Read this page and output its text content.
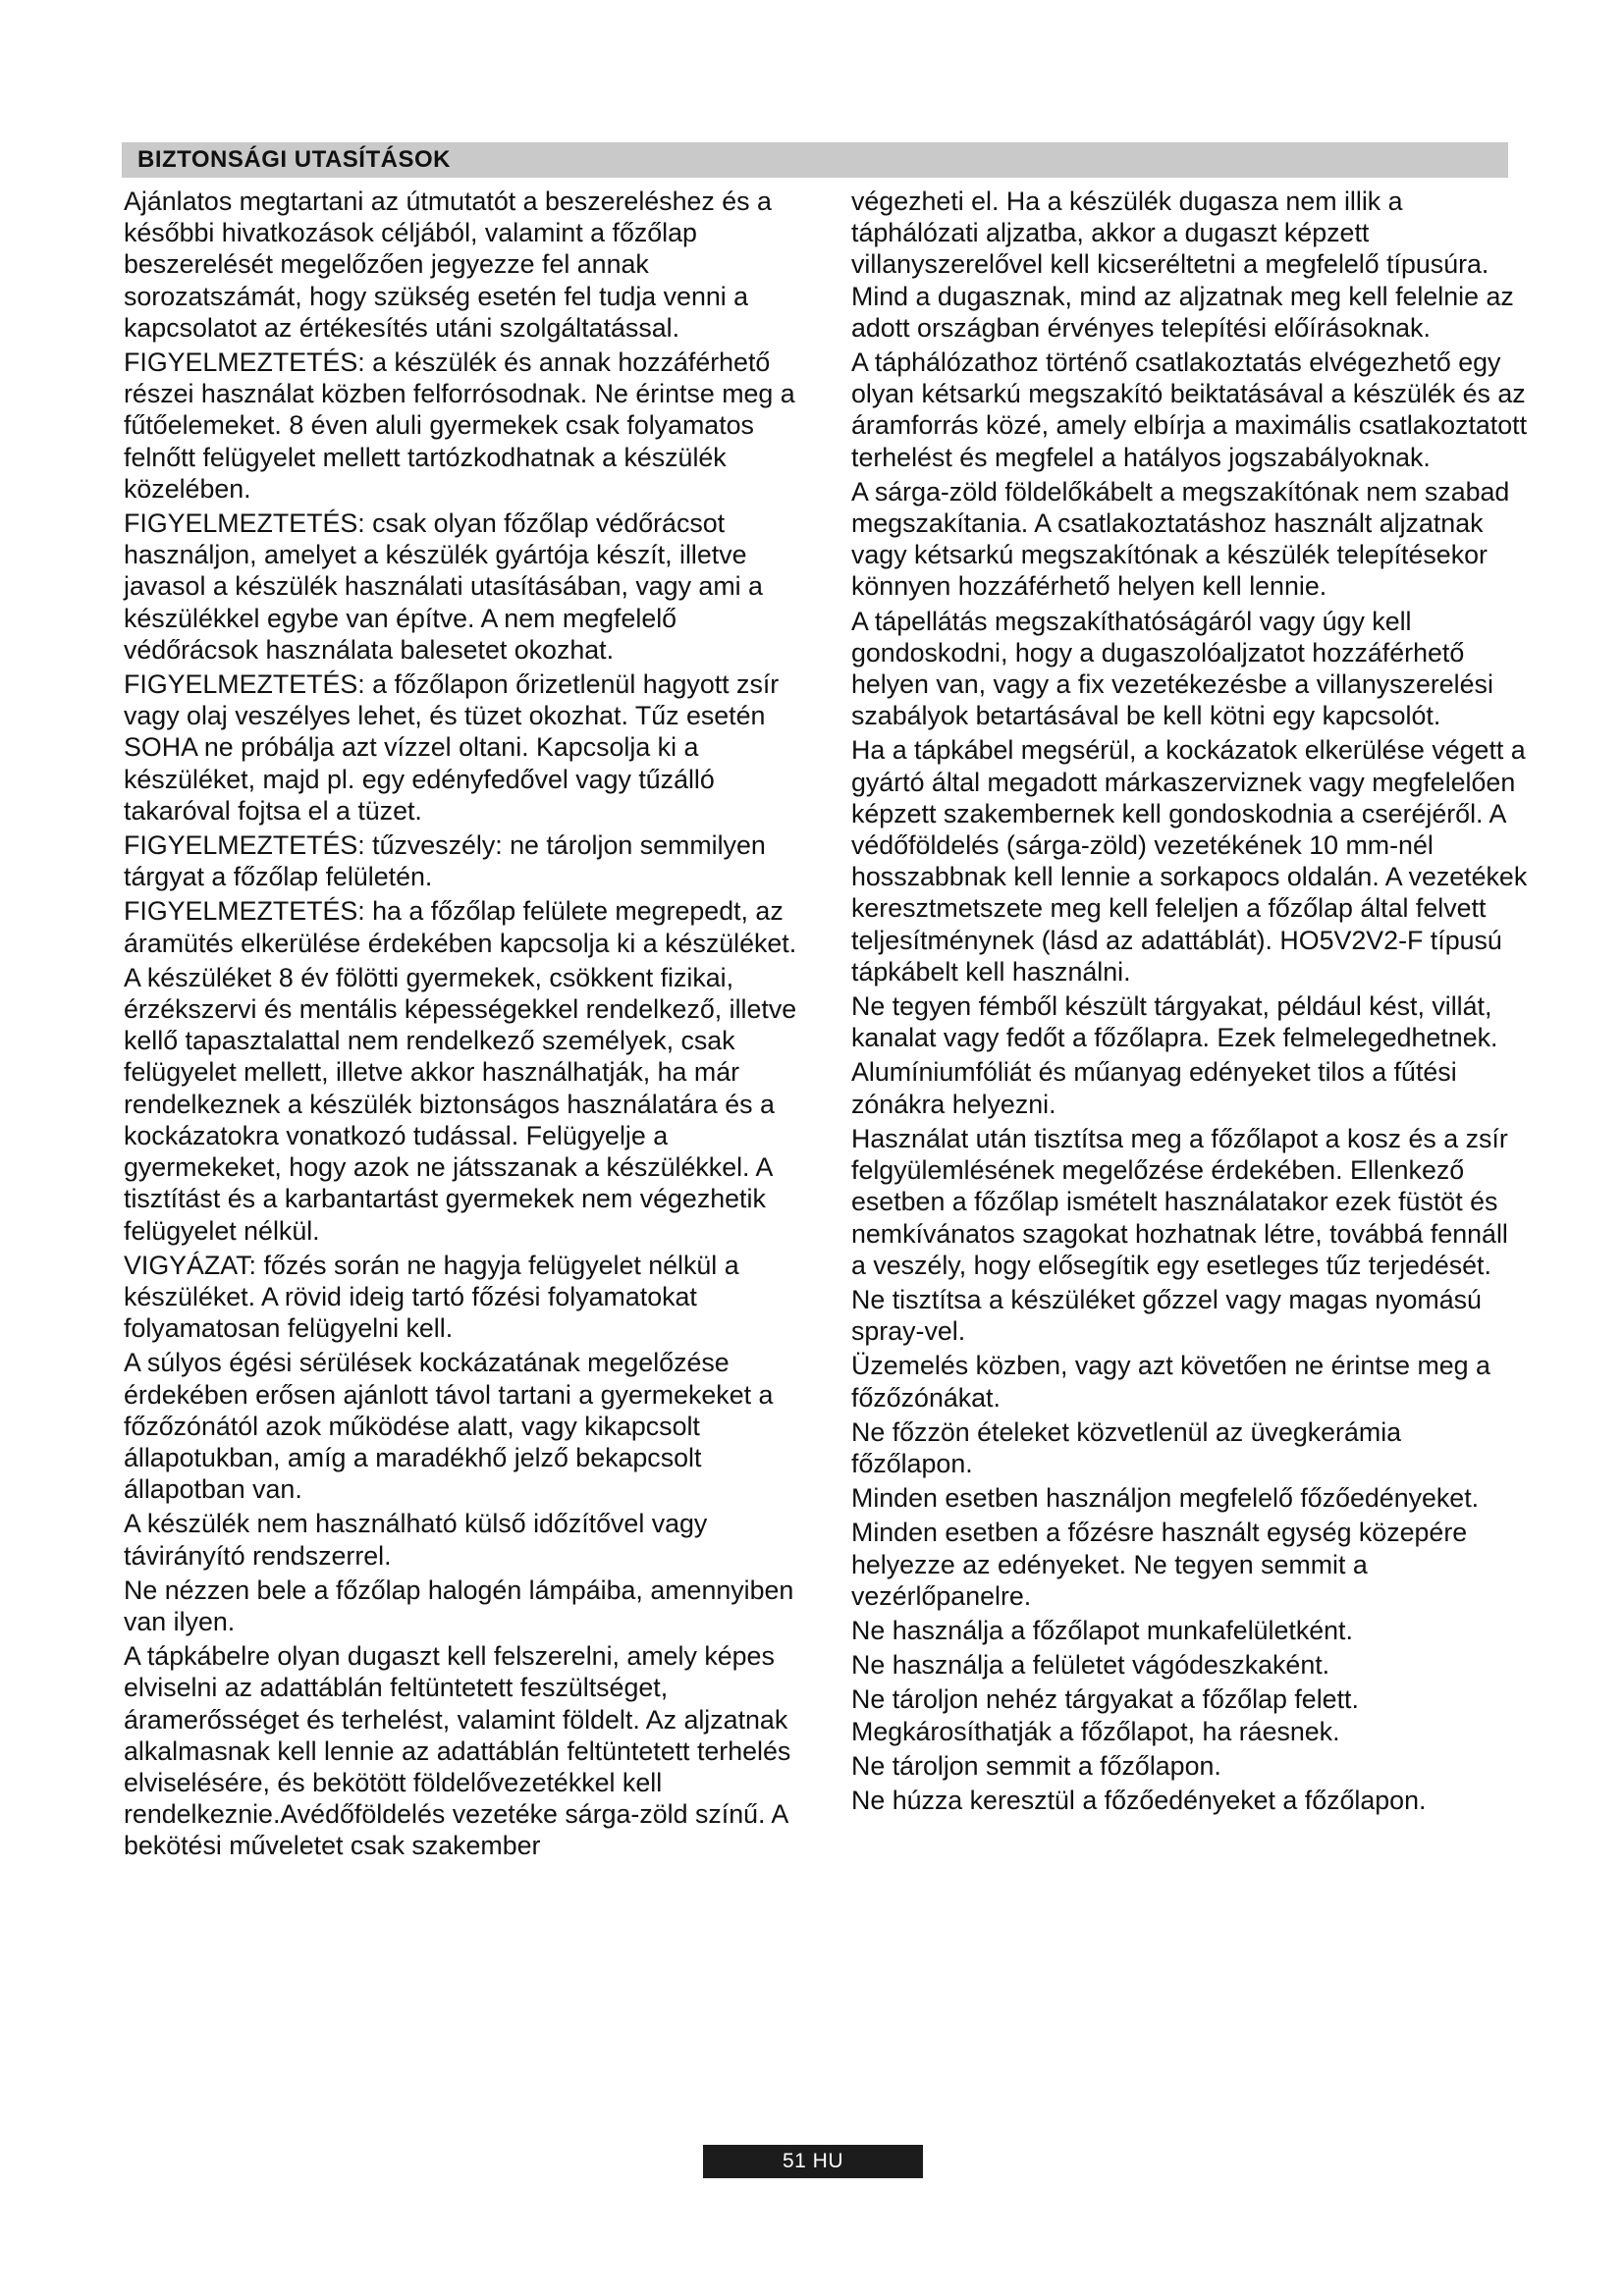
BIZTONSÁGI UTASÍTÁSOK

Ajánlatos megtartani az útmutatót a beszereléshez és a későbbi hivatkozások céljából, valamint a főzőlap beszerelését megelőzően jegyezze fel annak sorozatszámát, hogy szükség esetén fel tudja venni a kapcsolatot az értékesítés utáni szolgáltatással.

FIGYELMEZTETÉS: a készülék és annak hozzáférhető részei használat közben felforrósodnak. Ne érintse meg a fűtőelemeket. 8 éven aluli gyermekek csak folyamatos felnőtt felügyelet mellett tartózkodhatnak a készülék közelében.

FIGYELMEZTETÉS: csak olyan főzőlap védőrácsot használjon, amelyet a készülék gyártója készít, illetve javasol a készülék használati utasításában, vagy ami a készülékkel egybe van építve. A nem megfelelő védőrácsok használata balesetet okozhat.

FIGYELMEZTETÉS: a főzőlapon őrizetlenül hagyott zsír vagy olaj veszélyes lehet, és tüzet okozhat. Tűz esetén SOHA ne próbálja azt vízzel oltani. Kapcsolja ki a készüléket, majd pl. egy edényfedővel vagy tűzálló takaróval fojtsa el a tüzet.

FIGYELMEZTETÉS: tűzveszély: ne tároljon semmilyen tárgyat a főzőlap felületén.

FIGYELMEZTETÉS: ha a főzőlap felülete megrepedt, az áramütés elkerülése érdekében kapcsolja ki a készüléket.

A készüléket 8 év fölötti gyermekek, csökkent fizikai, érzékszervi és mentális képességekkel rendelkező, illetve kellő tapasztalattal nem rendelkező személyek, csak felügyelet mellett, illetve akkor használhatják, ha már rendelkeznek a készülék biztonságos használatára és a kockázatokra vonatkozó tudással. Felügyelje a gyermekeket, hogy azok ne játsszanak a készülékkel. A tisztítást és a karbantartást gyermekek nem végezhetik felügyelet nélkül.

VIGYÁZAT: főzés során ne hagyja felügyelet nélkül a készüléket. A rövid ideig tartó főzési folyamatokat folyamatosan felügyelni kell.

A súlyos égési sérülések kockázatának megelőzése érdekében erősen ajánlott távol tartani a gyermekeket a főzőzónától azok működése alatt, vagy kikapcsolt állapotukban, amíg a maradékhő jelző bekapcsolt állapotban van.

A készülék nem használható külső időzítővel vagy távirányító rendszerrel.

Ne nézzen bele a főzőlap halogén lámpáiba, amennyiben van ilyen.

A tápkábelre olyan dugaszt kell felszerelni, amely képes elviselni az adattáblán feltüntetett feszültséget, áramerősséget és terhelést, valamint földelt. Az aljzatnak alkalmasnak kell lennie az adattáblán feltüntetett terhelés elviselésére, és bekötött földelővezetékkel kell rendelkeznie.Avédőföldelés vezetéke sárga-zöld színű. A bekötési műveletet csak szakember

végezheti el. Ha a készülék dugasza nem illik a táphálózati aljzatba, akkor a dugaszt képzett villanyszerelővel kell kicseréltetni a megfelelő típusúra. Mind a dugasznak, mind az aljzatnak meg kell felelnie az adott országban érvényes telepítési előírásoknak.

A táphálózathoz történő csatlakoztatás elvégezhető egy olyan kétsarkú megszakító beiktatásával a készülék és az áramforrás közé, amely elbírja a maximális csatlakoztatott terhelést és megfelel a hatályos jogszabályoknak.

A sárga-zöld földelőkábelt a megszakítónak nem szabad megszakítania. A csatlakoztatáshoz használt aljzatnak vagy kétsarkú megszakítónak a készülék telepítésekor könnyen hozzáférhető helyen kell lennie.

A tápellátás megszakíthatóságáról vagy úgy kell gondoskodni, hogy a dugaszolóaljzatot hozzáférhető helyen van, vagy a fix vezetékezésbe a villanyszerelési szabályok betartásával be kell kötni egy kapcsolót.

Ha a tápkábel megsérül, a kockázatok elkerülése végett a gyártó által megadott márkaszerviznek vagy megfelelően képzett szakembernek kell gondoskodnia a cseréjéről. A védőföldelés (sárga-zöld) vezetékének 10 mm-nél hosszabbnak kell lennie a sorkapocs oldalán. A vezetékek keresztmetszete meg kell feleljen a főzőlap által felvett teljesítménynek (lásd az adattáblát). HO5V2V2-F típusú tápkábelt kell használni.

Ne tegyen fémből készült tárgyakat, például kést, villát, kanalat vagy fedőt a főzőlapra. Ezek felmelegedhetnek.

Alumíniumfóliát és műanyag edényeket tilos a fűtési zónákra helyezni.

Használat után tisztítsa meg a főzőlapot a kosz és a zsír felgyülemlésének megelőzése érdekében. Ellenkező esetben a főzőlap ismételt használatakor ezek füstöt és nemkívánatos szagokat hozhatnak létre, továbbá fennáll a veszély, hogy elősegítik egy esetleges tűz terjedését.

Ne tisztítsa a készüléket gőzzel vagy magas nyomású spray-vel.

Üzemelés közben, vagy azt követően ne érintse meg a főzőzónákat.

Ne főzzön ételeket közvetlenül az üvegkerámia főzőlapon.

Minden esetben használjon megfelelő főzőedényeket.

Minden esetben a főzésre használt egység közepére helyezze az edényeket. Ne tegyen semmit a vezérlőpanelre.

Ne használja a főzőlapot munkafelületként.

Ne használja a felületet vágódeszkaként.

Ne tároljon nehéz tárgyakat a főzőlap felett. Megkárosíthatják a főzőlapot, ha ráesnek.

Ne tároljon semmit a főzőlapon.

Ne húzza keresztül a főzőedényeket a főzőlapon.

51 HU
